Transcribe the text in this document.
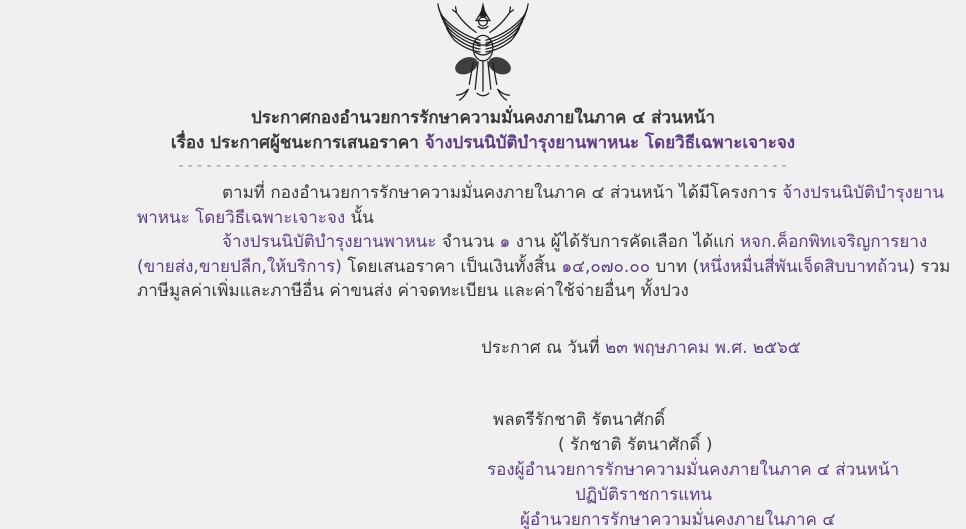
ประกาศกองอำนวยการรักษาความมั่นคงภายในภาค ๔ ส่วนหน้า
เรื่อง ประกาศผู้ชนะการเสนอราคา จ้างปรนนิบัติบำรุงยานพาหนะ โดยวิธีเฉพาะเจาะจง
-----------------------------------------------------------------
ตามที่ กองอำนวยการรักษาความมั่นคงภายในภาค ๔ ส่วนหน้า ได้มีโครงการ จ้างปรนนิบัติบำรุงยาน
พาหนะ โดยวิธีเฉพาะเจาะจง นั้น
จ้างปรนนิบัติบำรุงยานพาหนะ จำนวน ๑ งาน ผู้ได้รับการคัดเลือก ได้แก่ หจก.ค็อกพิทเจริญการยาง
(ขายส่ง,ขายปลีก,ให้บริการ) โดยเสนอราคา เป็นเงินทั้งสิ้น ๑๔,๐๗๐.๐๐ บาท (หนึ่งหมื่นสี่พันเจ็ดสิบบาทถ้วน) รวม
ภาษีมูลค่าเพิ่มและภาษีอื่น ค่าขนส่ง ค่าจดทะเบียน และค่าใช้จ่ายอื่นๆ ทั้งปวง
ประกาศ ณ วันที่ ๒๓ พฤษภาคม พ.ศ. ๒๕๖๕
พลตรีรักชาติ รัตนาศักดิ์
( รักชาติ รัตนาศักดิ์ )
รองผู้อำนวยการรักษาความมั่นคงภายในภาค ๔ ส่วนหน้า
ปฏิบัติราชการแทน
ผู้อำนวยการรักษาความมั่นคงภายในภาค ๔
